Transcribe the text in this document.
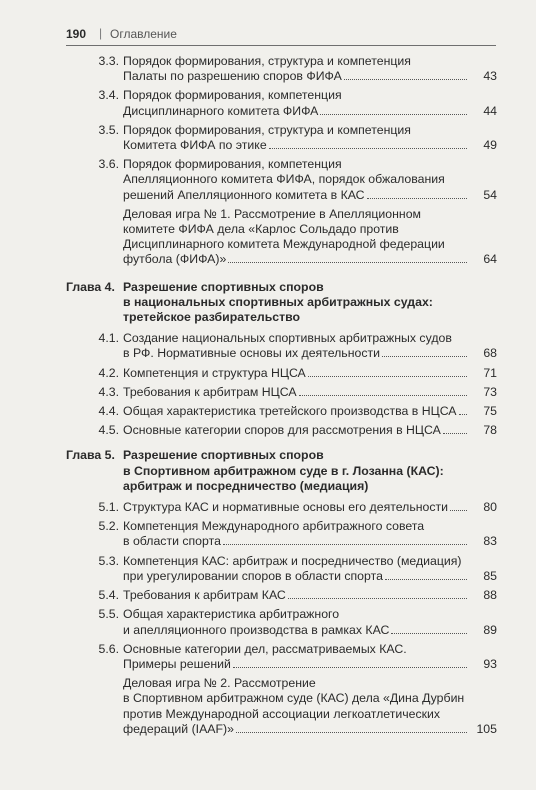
190 | Оглавление
3.3. Порядок формирования, структура и компетенция
Палаты по разрешению споров ФИФА	43
3.4. Порядок формирования, компетенция
Дисциплинарного комитета ФИФА	44
3.5. Порядок формирования, структура и компетенция
Комитета ФИФА по этике	49
3.6. Порядок формирования, компетенция
Апелляционного комитета ФИФА, порядок обжалования
решений Апелляционного комитета в КАС	54
Деловая игра № 1. Рассмотрение в Апелляционном
комитете ФИФА дела «Карлос Сольдадо против
Дисциплинарного комитета Международной федерации
футбола (ФИФА)»	64
Глава 4. Разрешение спортивных споров
в национальных спортивных арбитражных судах:
третейское разбирательство
4.1. Создание национальных спортивных арбитражных судов
в РФ. Нормативные основы их деятельности	68
4.2. Компетенция и структура НЦСА	71
4.3. Требования к арбитрам НЦСА	73
4.4. Общая характеристика третейского производства в НЦСА	75
4.5. Основные категории споров для рассмотрения в НЦСА	78
Глава 5. Разрешение спортивных споров
в Спортивном арбитражном суде в г. Лозанна (КАС):
арбитраж и посредничество (медиация)
5.1. Структура КАС и нормативные основы его деятельности	80
5.2. Компетенция Международного арбитражного совета
в области спорта	83
5.3. Компетенция КАС: арбитраж и посредничество (медиация)
при урегулировании споров в области спорта	85
5.4. Требования к арбитрам КАС	88
5.5. Общая характеристика арбитражного
и апелляционного производства в рамках КАС	89
5.6. Основные категории дел, рассматриваемых КАС.
Примеры решений	93
Деловая игра № 2. Рассмотрение
в Спортивном арбитражном суде (КАС) дела «Дина Дурбин
против Международной ассоциации легкоатлетических
федераций (IAAF)»	105
